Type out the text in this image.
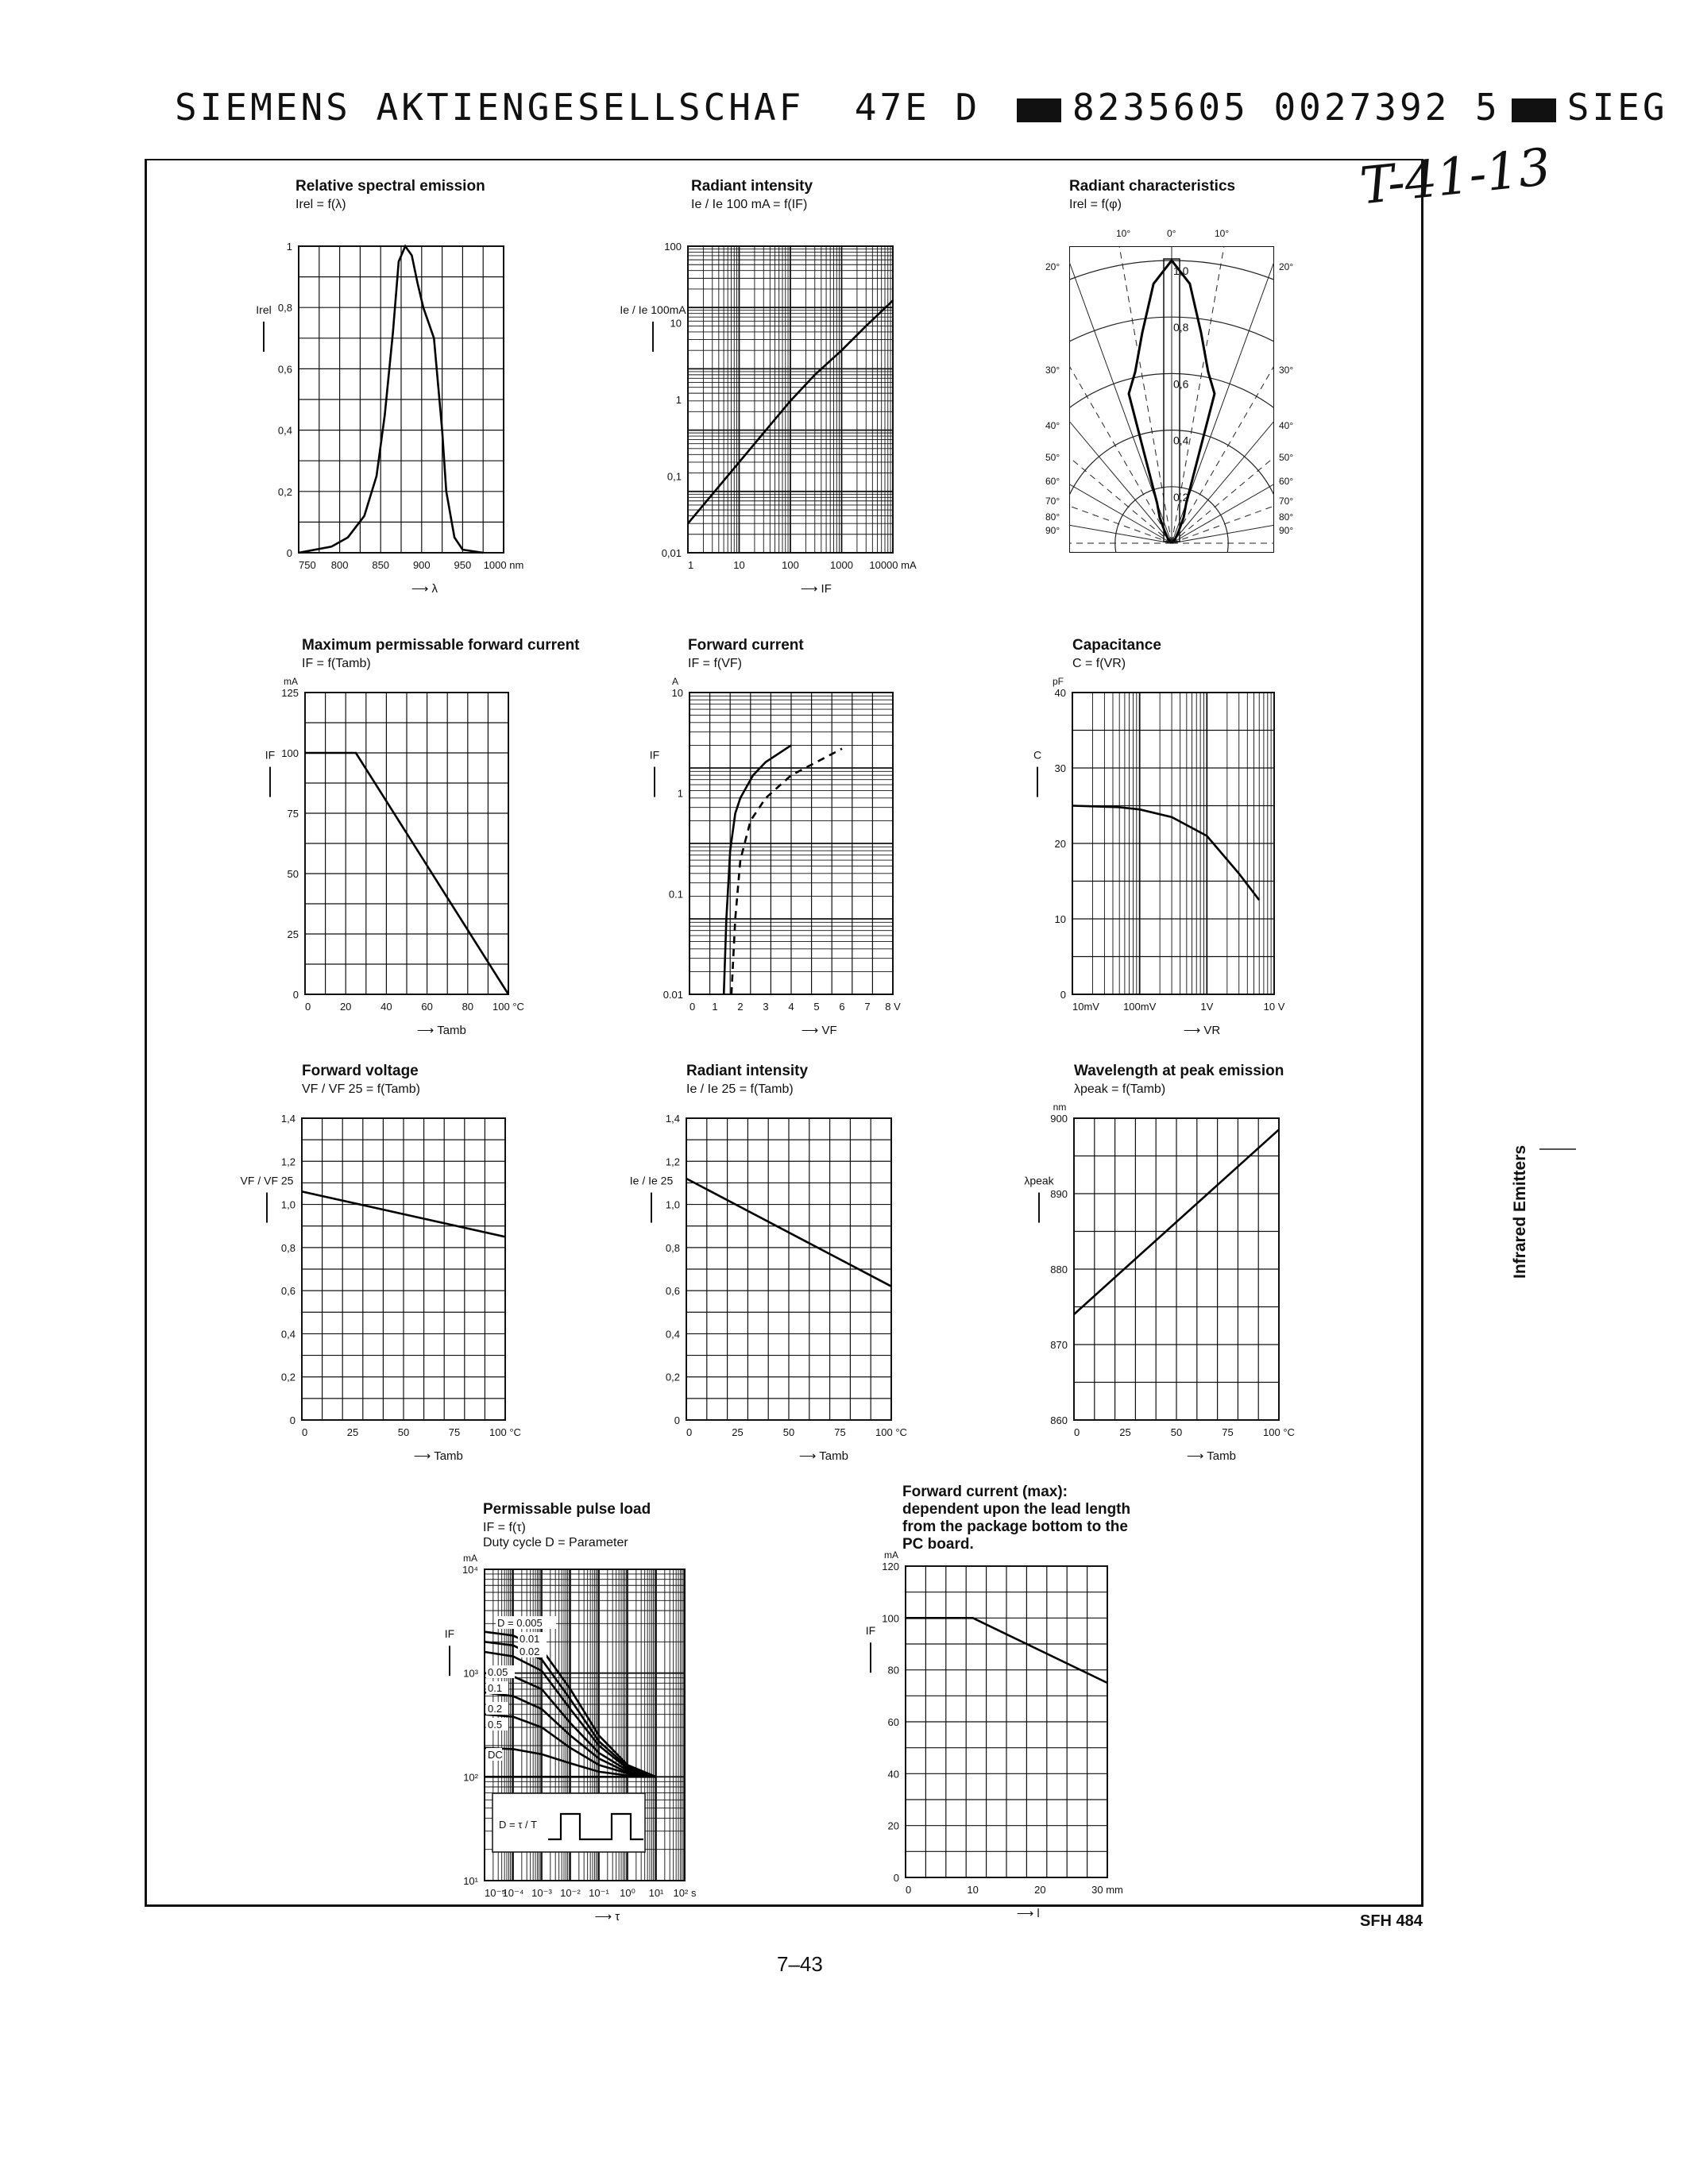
SIEMENS AKTIENGESELLSCHAF 47E D	8235605 0027392 5 SIEG
T-41-13
Infrared Emitters
SFH 484
7–43
Relative spectral emission
Irel = f(λ)
750 800 850 900 950 1000 nm
0
0,2
0,4
0,6
0,8
1
⟶ λ
Irel
Radiant intensity
Ie / Ie 100 mA = f(IF)
1	10	100	1000 10000 mA
0,01
0,1
1
10
100
⟶ IF
Ie / Ie 100mA
Radiant characteristics
Irel = f(φ)
1,0
0,8
0,6
0,4
0,2
0°
10°	10°
20°	20°
30°	30°
40°	40°
50°	50°
60°	60°
70°	70°
80°	80°
90°	90°
Maximum permissable forward current
IF = f(Tamb)
0	20	40	60	80 100 °C
0
25
50
75
100
125
mA
⟶ Tamb
IF
Forward current
IF = f(VF)
0 1 2 3 4 5 6 7 8 V
0.01
0.1
1
10
A
⟶ VF
IF
Capacitance
C = f(VR)
10mV 100mV	1V	10 V
0
10
20
30
40
pF
⟶ VR
C
Forward voltage
VF / VF 25 = f(Tamb)
0	25	50	75	100 °C
0
0,2
0,4
0,6
0,8
1,0
1,2
1,4
⟶ Tamb
VF / VF 25
Radiant intensity
Ie / Ie 25 = f(Tamb)
0	25	50	75	100 °C
0
0,2
0,4
0,6
0,8
1,0
1,2
1,4
⟶ Tamb
Ie / Ie 25
Wavelength at peak emission
λpeak = f(Tamb)
0	25	50	75	100 °C
860
870
880
890
900
nm
⟶ Tamb
λpeak
Permissable pulse load
IF = f(τ)
Duty cycle D = Parameter
10⁻⁵
10⁻⁴ 10⁻³ 10⁻² 10⁻¹ 10⁰ 10¹ 10² s
10¹
10²
10³
10⁴
mA
⟶ τ
IF
D = 0.005
0.01
0.02
0.05
0.1
0.2
0.5
DC
D = τ / T
Forward current (max):
dependent upon the lead length
from the package bottom to the
PC board.
0	10	20	30 mm
0
20
40
60
80
100
120
mA
⟶ l
IF
